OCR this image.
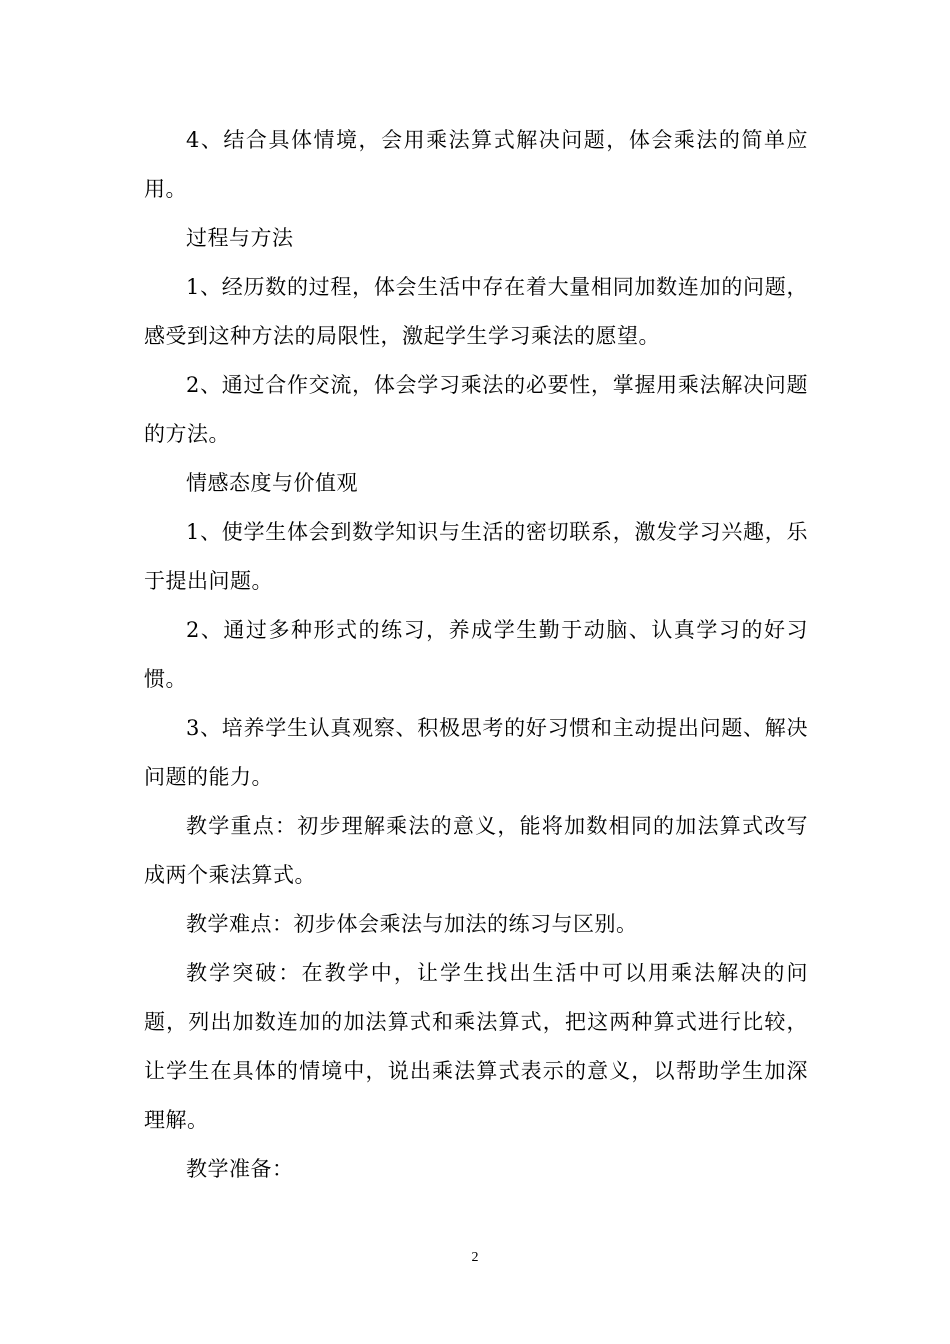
4、结合具体情境，会用乘法算式解决问题，体会乘法的简单应用。

过程与方法

1、经历数的过程，体会生活中存在着大量相同加数连加的问题，感受到这种方法的局限性，激起学生学习乘法的愿望。

2、通过合作交流，体会学习乘法的必要性，掌握用乘法解决问题的方法。

情感态度与价值观

1、使学生体会到数学知识与生活的密切联系，激发学习兴趣，乐于提出问题。

2、通过多种形式的练习，养成学生勤于动脑、认真学习的好习惯。

3、培养学生认真观察、积极思考的好习惯和主动提出问题、解决问题的能力。

教学重点：初步理解乘法的意义，能将加数相同的加法算式改写成两个乘法算式。

教学难点：初步体会乘法与加法的练习与区别。

教学突破：在教学中，让学生找出生活中可以用乘法解决的问题，列出加数连加的加法算式和乘法算式，把这两种算式进行比较，让学生在具体的情境中，说出乘法算式表示的意义，以帮助学生加深理解。

教学准备：

2
